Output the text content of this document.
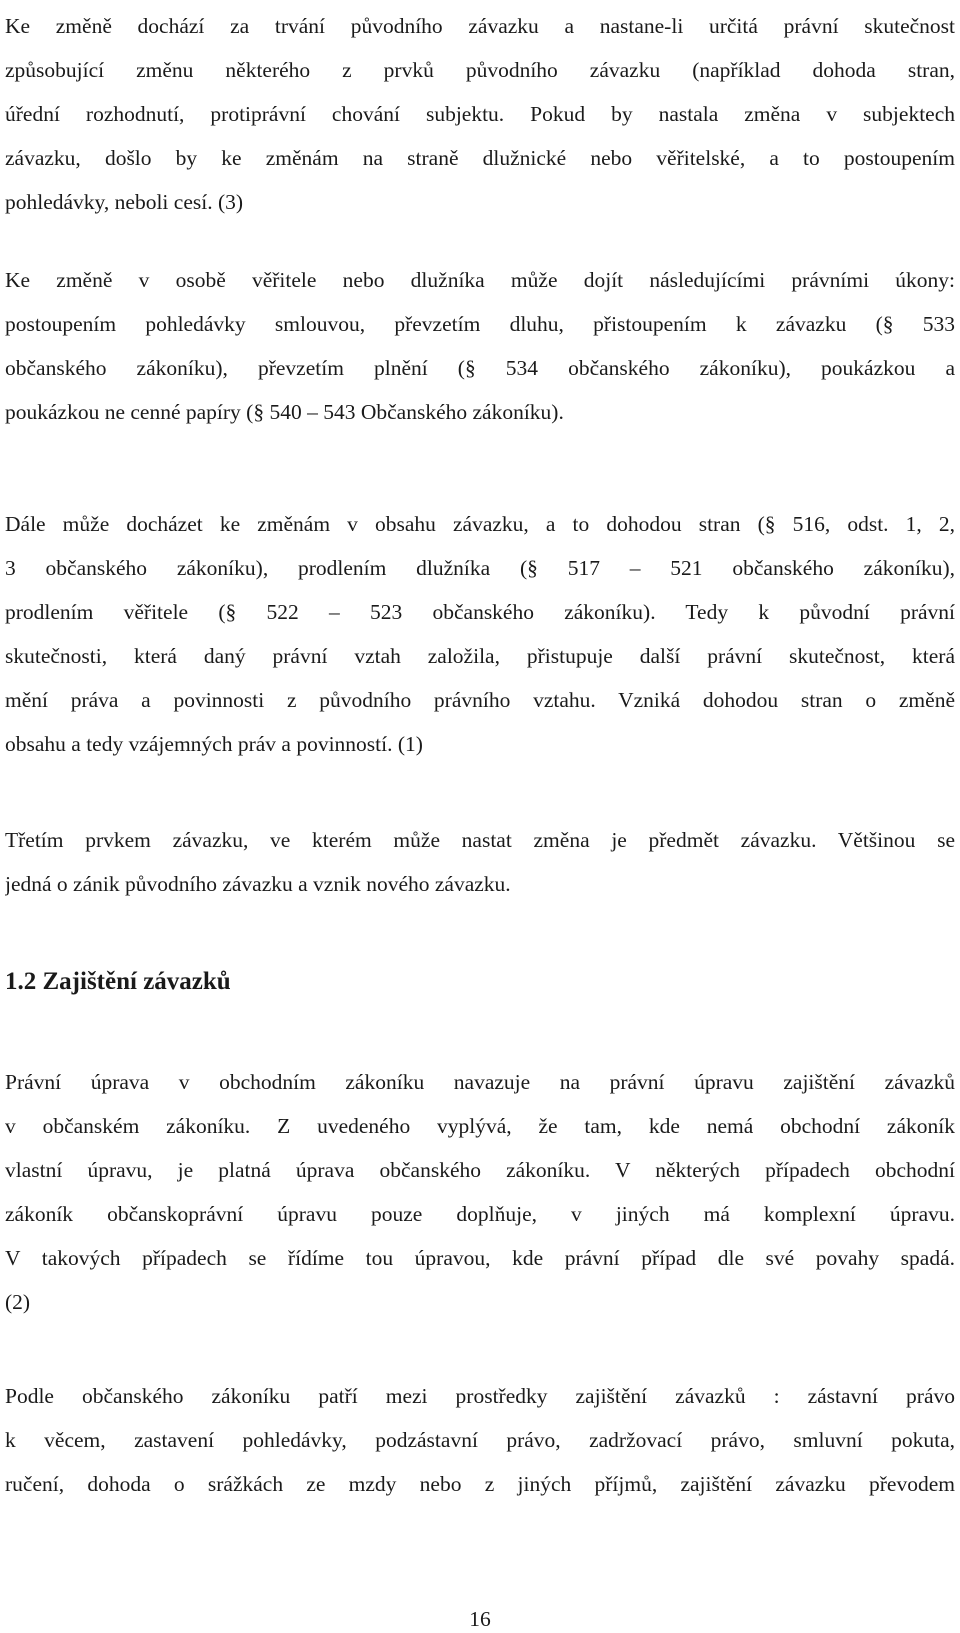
Ke změně dochází za trvání původního závazku a nastane-li určitá právní skutečnost
způsobující změnu některého z prvků původního závazku (například dohoda stran,
úřední rozhodnutí, protiprávní chování subjektu. Pokud by nastala změna v subjektech
závazku, došlo by ke změnám na straně dlužnické nebo věřitelské, a to postoupením
pohledávky, neboli cesí. (3)
Ke změně v osobě věřitele nebo dlužníka může dojít následujícími právními úkony:
postoupením pohledávky smlouvou, převzetím dluhu, přistoupením k závazku (§ 533
občanského zákoníku), převzetím plnění (§ 534 občanského zákoníku), poukázkou a
poukázkou ne cenné papíry (§ 540 – 543 Občanského zákoníku).
Dále může docházet ke změnám v obsahu závazku, a to dohodou stran (§ 516, odst. 1, 2,
3 občanského zákoníku), prodlením dlužníka (§ 517 – 521 občanského zákoníku),
prodlením věřitele (§ 522 – 523 občanského zákoníku). Tedy k původní právní
skutečnosti, která daný právní vztah založila, přistupuje další právní skutečnost, která
mění práva a povinnosti z původního právního vztahu. Vzniká dohodou stran o změně
obsahu a tedy vzájemných práv a povinností. (1)
Třetím prvkem závazku, ve kterém může nastat změna je předmět závazku. Většinou se
jedná o zánik původního závazku a vznik nového závazku.
1.2 Zajištění závazků
Právní úprava v obchodním zákoníku navazuje na právní úpravu zajištění závazků
v občanském zákoníku. Z uvedeného vyplývá, že tam, kde nemá obchodní zákoník
vlastní úpravu, je platná úprava občanského zákoníku. V některých případech obchodní
zákoník občanskoprávní úpravu pouze doplňuje, v jiných má komplexní úpravu.
V takových případech se řídíme tou úpravou, kde právní případ dle své povahy spadá.
(2)
Podle občanského zákoníku patří mezi prostředky zajištění závazků : zástavní právo
k věcem, zastavení pohledávky, podzástavní právo, zadržovací právo, smluvní pokuta,
ručení, dohoda o srážkách ze mzdy nebo z jiných příjmů, zajištění závazku převodem
16
